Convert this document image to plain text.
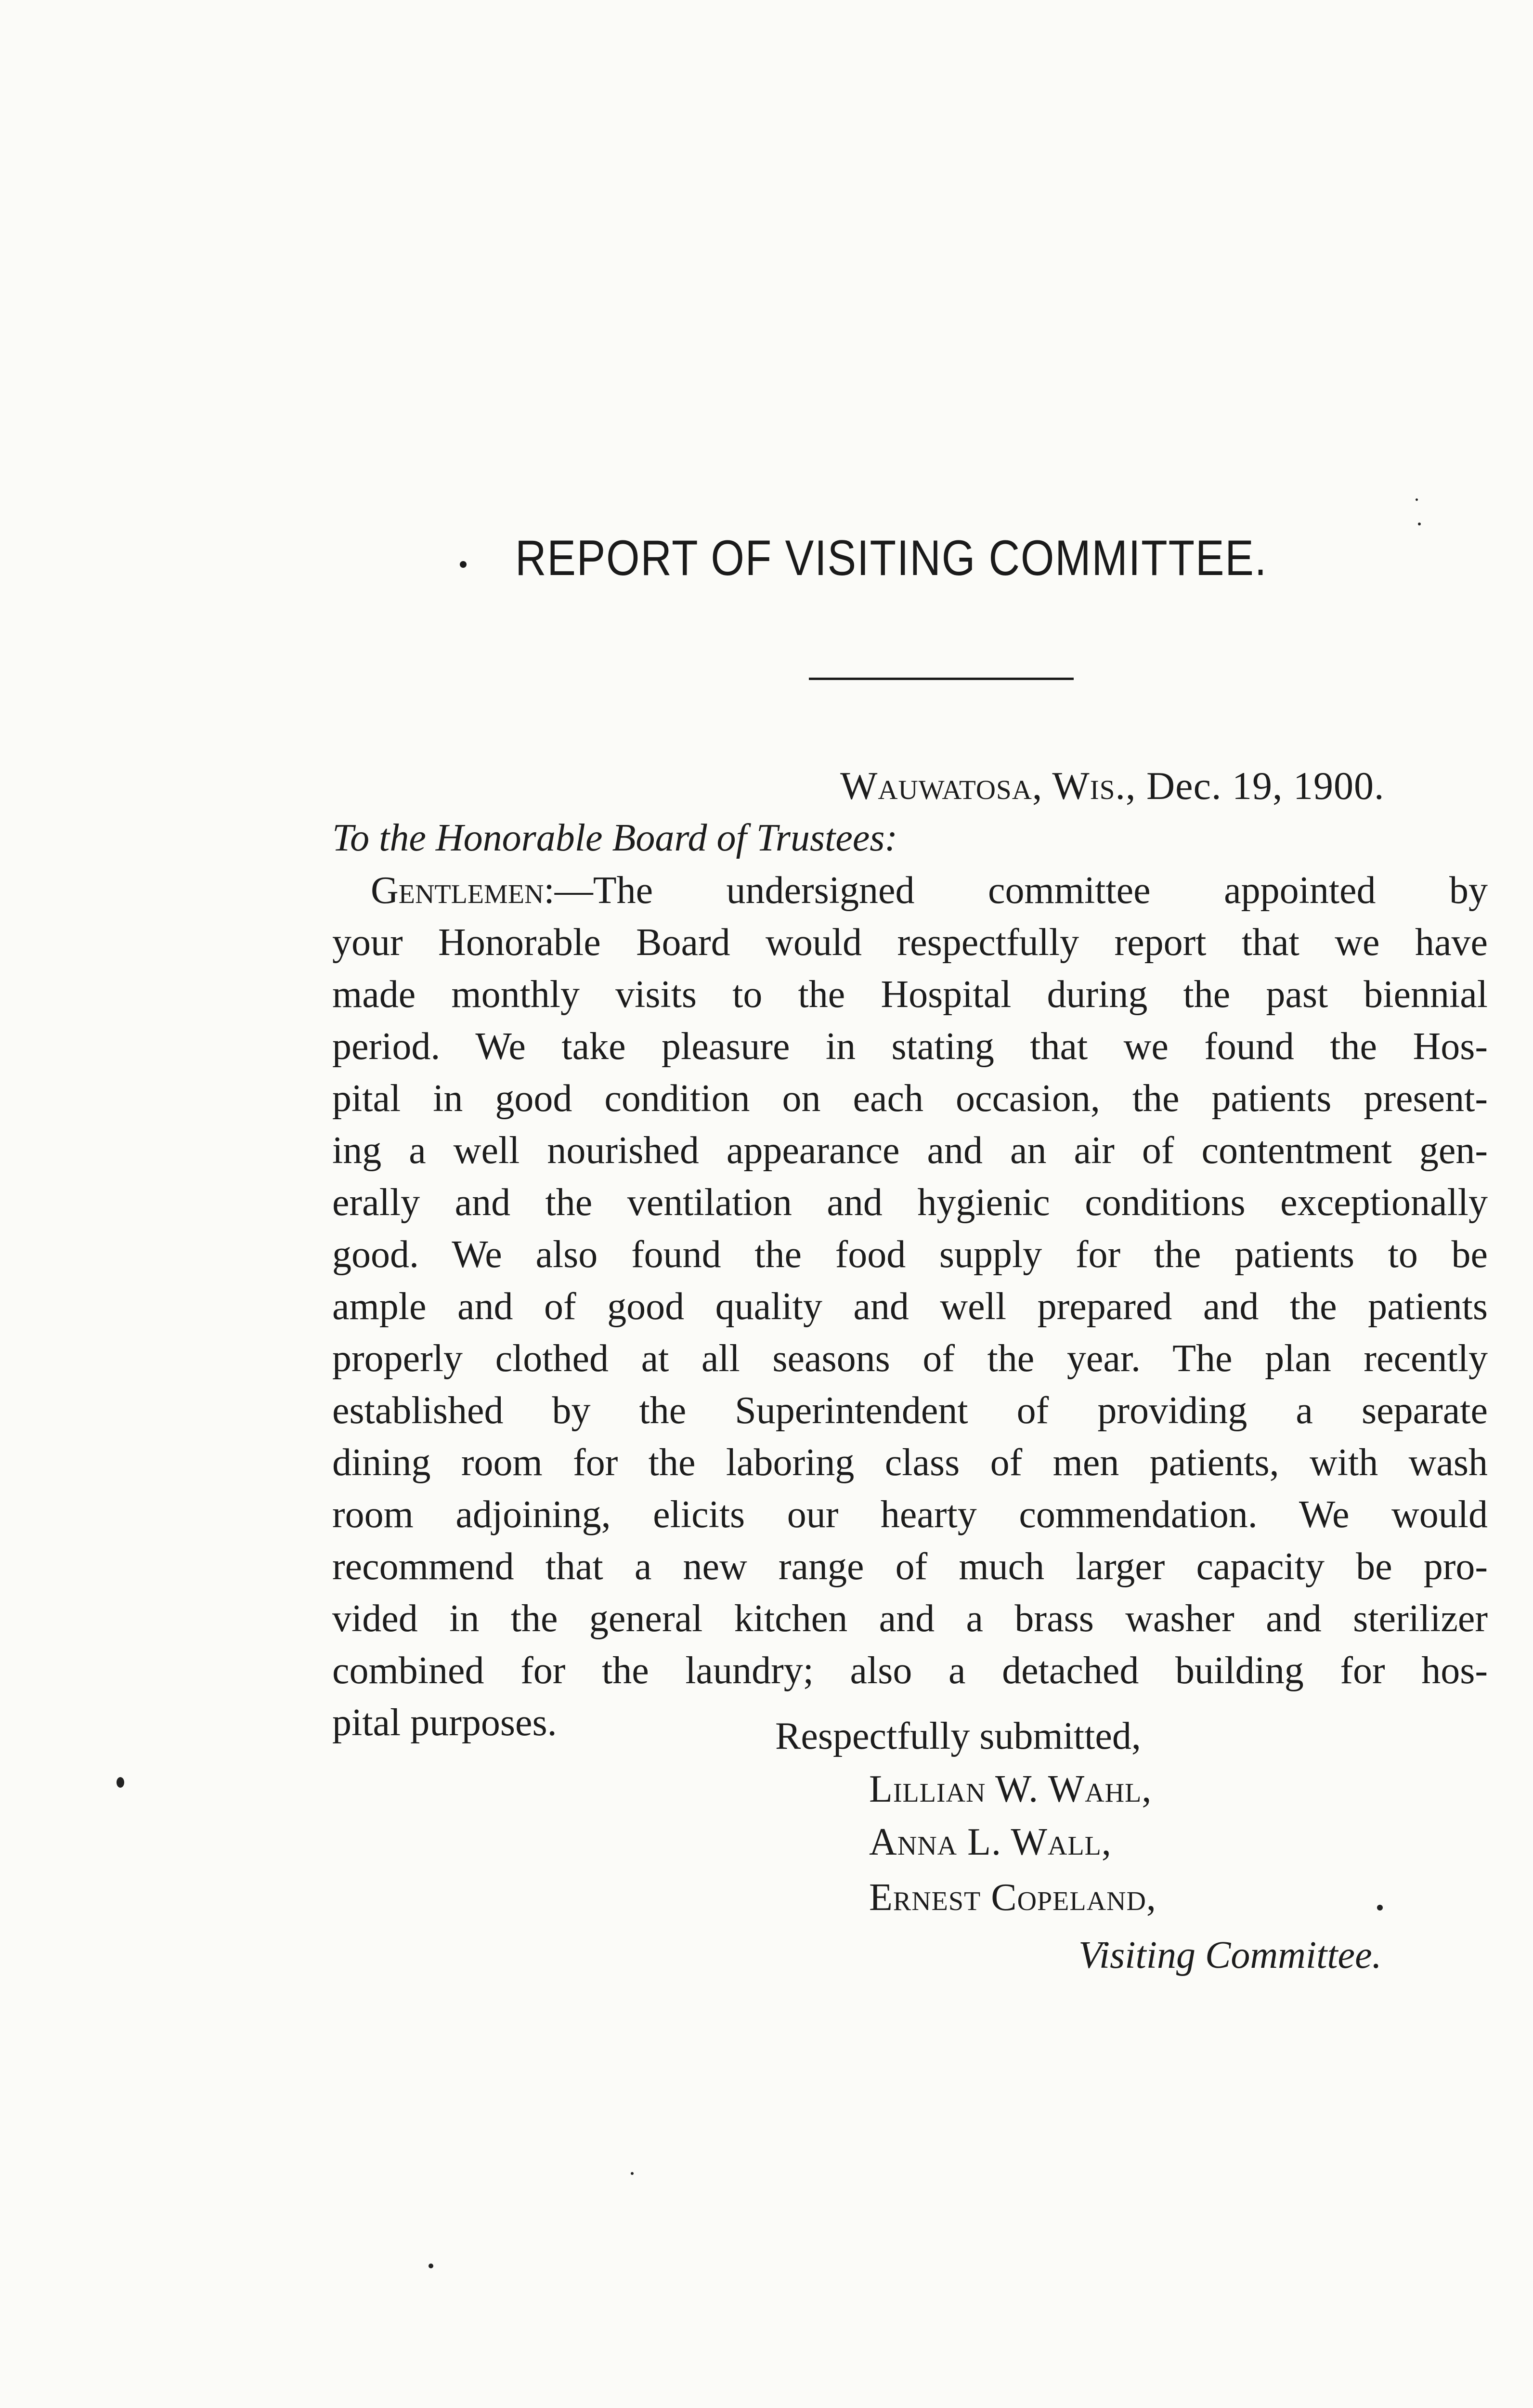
REPORT OF VISITING COMMITTEE.
Wauwatosa, Wis., Dec. 19, 1900.
To the Honorable Board of Trustees:
Gentlemen:—The undersigned committee appointed by
your Honorable Board would respectfully report that we have
made monthly visits to the Hospital during the past biennial
period. We take pleasure in stating that we found the Hos-
pital in good condition on each occasion, the patients present-
ing a well nourished appearance and an air of contentment gen-
erally and the ventilation and hygienic conditions exceptionally
good. We also found the food supply for the patients to be
ample and of good quality and well prepared and the patients
properly clothed at all seasons of the year. The plan recently
established by the Superintendent of providing a separate
dining room for the laboring class of men patients, with wash
room adjoining, elicits our hearty commendation. We would
recommend that a new range of much larger capacity be pro-
vided in the general kitchen and a brass washer and sterilizer
combined for the laundry; also a detached building for hos-
pital purposes.	Respectfully submitted,
Lillian W. Wahl,
Anna L. Wall,
Ernest Copeland,
Visiting Committee.
